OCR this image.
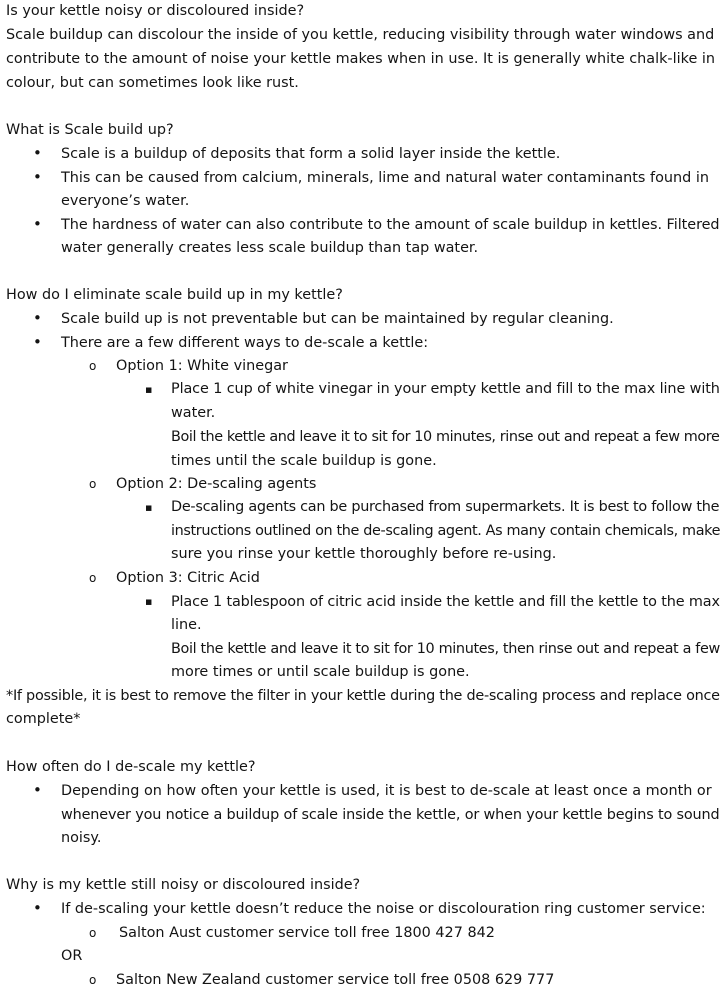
Is your kettle noisy or discoloured inside?
Scale buildup can discolour the inside of you kettle, reducing visibility through water windows and
contribute to the amount of noise your kettle makes when in use. It is generally white chalk-like in
colour, but can sometimes look like rust.
What is Scale build up?
• Scale is a buildup of deposits that form a solid layer inside the kettle.
• This can be caused from calcium, minerals, lime and natural water contaminants found in
everyone’s water.
• The hardness of water can also contribute to the amount of scale buildup in kettles. Filtered
water generally creates less scale buildup than tap water.
How do I eliminate scale build up in my kettle?
• Scale build up is not preventable but can be maintained by regular cleaning.
• There are a few different ways to de-scale a kettle:
o Option 1: White vinegar
▪ Place 1 cup of white vinegar in your empty kettle and fill to the max line with
water.
Boil the kettle and leave it to sit for 10 minutes, rinse out and repeat a few more
times until the scale buildup is gone.
o Option 2: De-scaling agents
▪ De-scaling agents can be purchased from supermarkets. It is best to follow the
instructions outlined on the de-scaling agent. As many contain chemicals, make
sure you rinse your kettle thoroughly before re-using.
o Option 3: Citric Acid
▪ Place 1 tablespoon of citric acid inside the kettle and fill the kettle to the max
line.
Boil the kettle and leave it to sit for 10 minutes, then rinse out and repeat a few
more times or until scale buildup is gone.
*If possible, it is best to remove the filter in your kettle during the de-scaling process and replace once
complete*
How often do I de-scale my kettle?
• Depending on how often your kettle is used, it is best to de-scale at least once a month or
whenever you notice a buildup of scale inside the kettle, or when your kettle begins to sound
noisy.
Why is my kettle still noisy or discoloured inside?
• If de-scaling your kettle doesn’t reduce the noise or discolouration ring customer service:
o Salton Aust customer service toll free 1800 427 842
OR
o Salton New Zealand customer service toll free 0508 629 777
